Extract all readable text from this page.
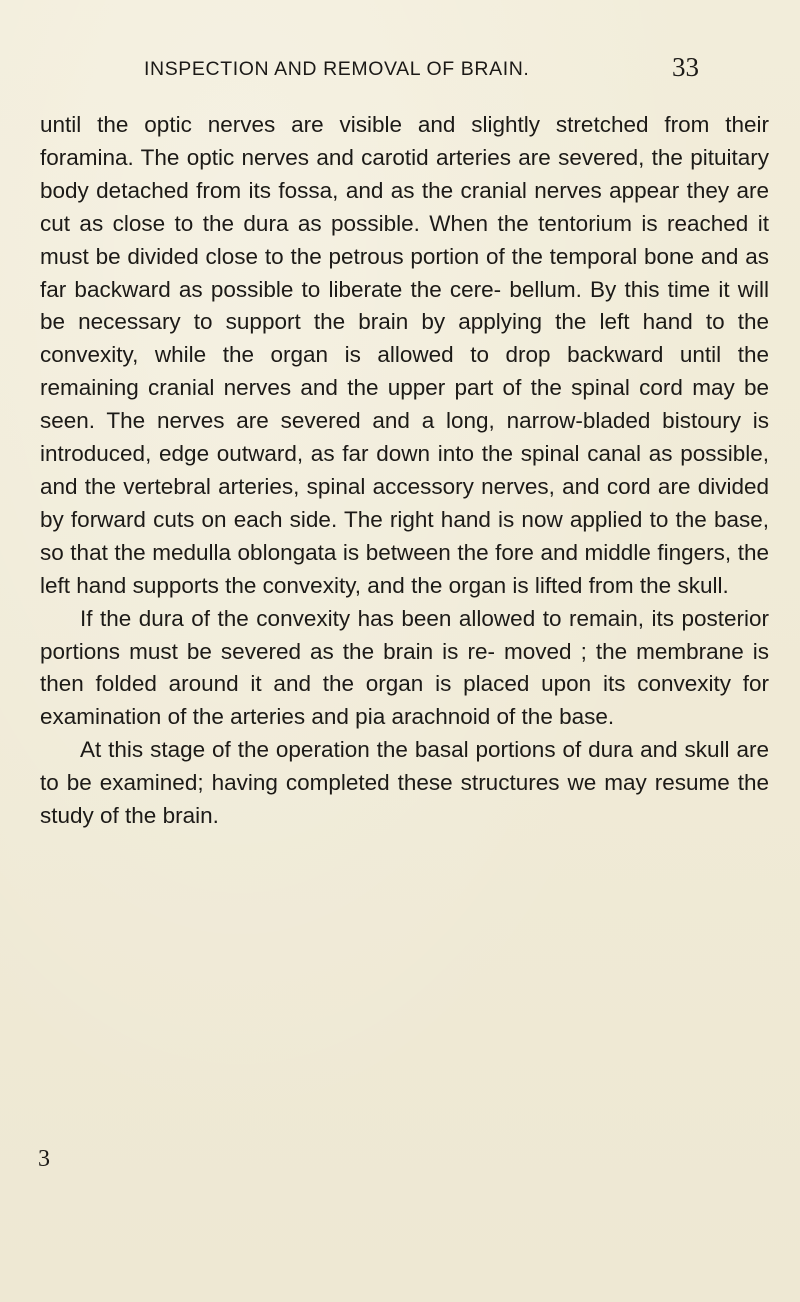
INSPECTION AND REMOVAL OF BRAIN.	33

until the optic nerves are visible and slightly stretched from their foramina. The optic nerves and carotid arteries are severed, the pituitary body detached from its fossa, and as the cranial nerves appear they are cut as close to the dura as possible. When the tentorium is reached it must be divided close to the petrous portion of the temporal bone and as far backward as possible to liberate the cere- bellum. By this time it will be necessary to support the brain by applying the left hand to the convexity, while the organ is allowed to drop backward until the remaining cranial nerves and the upper part of the spinal cord may be seen. The nerves are severed and a long, narrow-bladed bistoury is introduced, edge outward, as far down into the spinal canal as possible, and the vertebral arteries, spinal accessory nerves, and cord are divided by forward cuts on each side. The right hand is now applied to the base, so that the medulla oblongata is between the fore and middle fingers, the left hand supports the convexity, and the organ is lifted from the skull.

If the dura of the convexity has been allowed to remain, its posterior portions must be severed as the brain is re- moved ; the membrane is then folded around it and the organ is placed upon its convexity for examination of the arteries and pia arachnoid of the base.

At this stage of the operation the basal portions of dura and skull are to be examined; having completed these structures we may resume the study of the brain.

3
